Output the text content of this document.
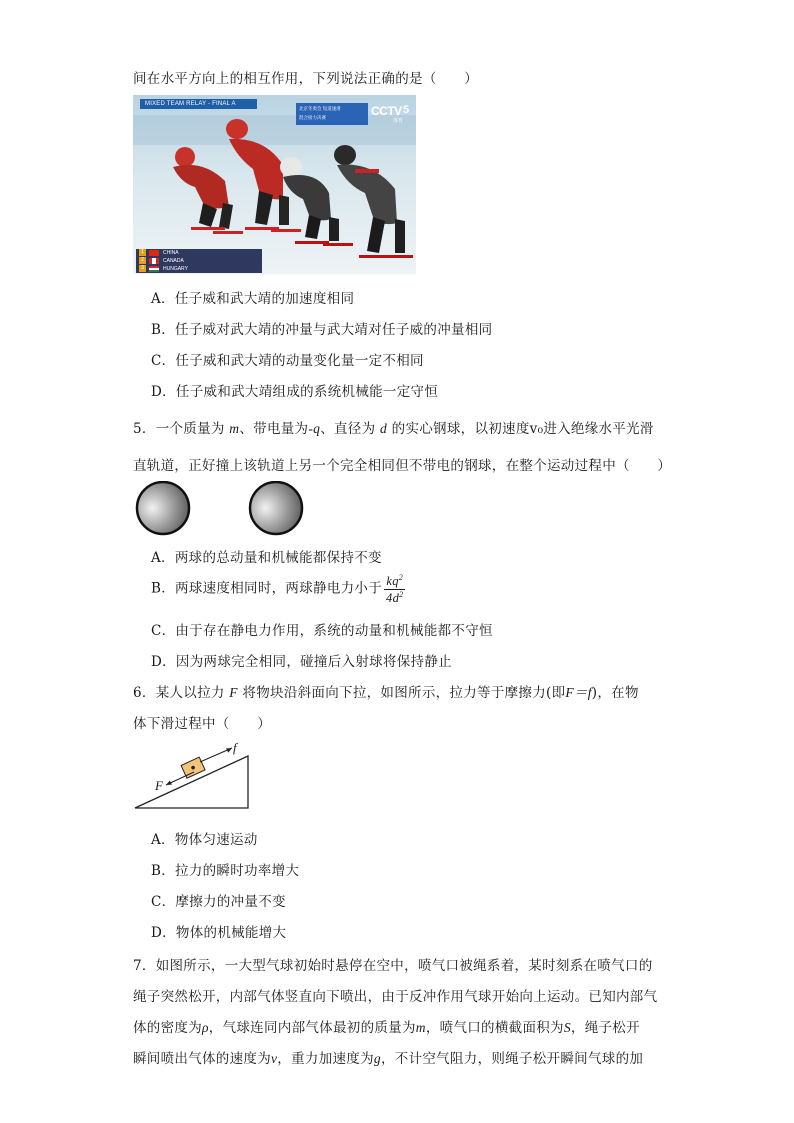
间在水平方向上的相互作用，下列说法正确的是（　　）
MIXED TEAM RELAY - FINAL A
北京冬奥会 短道速滑
混合接力决赛	CCTV 5
体育
1	CHINA
2	CANADA
3	HUNGARY
A．任子威和武大靖的加速度相同
B．任子威对武大靖的冲量与武大靖对任子威的冲量相同
C．任子威和武大靖的动量变化量一定不相同
D．任子威和武大靖组成的系统机械能一定守恒
5．一个质量为 m、带电量为-q、直径为 d 的实心钢球，以初速度v₀进入绝缘水平光滑
直轨道，正好撞上该轨道上另一个完全相同但不带电的钢球，在整个运动过程中（　　）
A．两球的总动量和机械能都保持不变
B．两球速度相同时，两球静电力小于 $\frac{kq^2}{4d^2}$
C．由于存在静电力作用，系统的动量和机械能都不守恒
D．因为两球完全相同，碰撞后入射球将保持静止
6．某人以拉力 F 将物块沿斜面向下拉，如图所示，拉力等于摩擦力(即F＝f)，在物
体下滑过程中（　　）
f
F
A．物体匀速运动
B．拉力的瞬时功率增大
C．摩擦力的冲量不变
D．物体的机械能增大
7．如图所示，一大型气球初始时悬停在空中，喷气口被绳系着，某时刻系在喷气口的
绳子突然松开，内部气体竖直向下喷出，由于反冲作用气球开始向上运动。已知内部气
体的密度为ρ，气球连同内部气体最初的质量为m，喷气口的横截面积为S，绳子松开
瞬间喷出气体的速度为v，重力加速度为g，不计空气阻力，则绳子松开瞬间气球的加
